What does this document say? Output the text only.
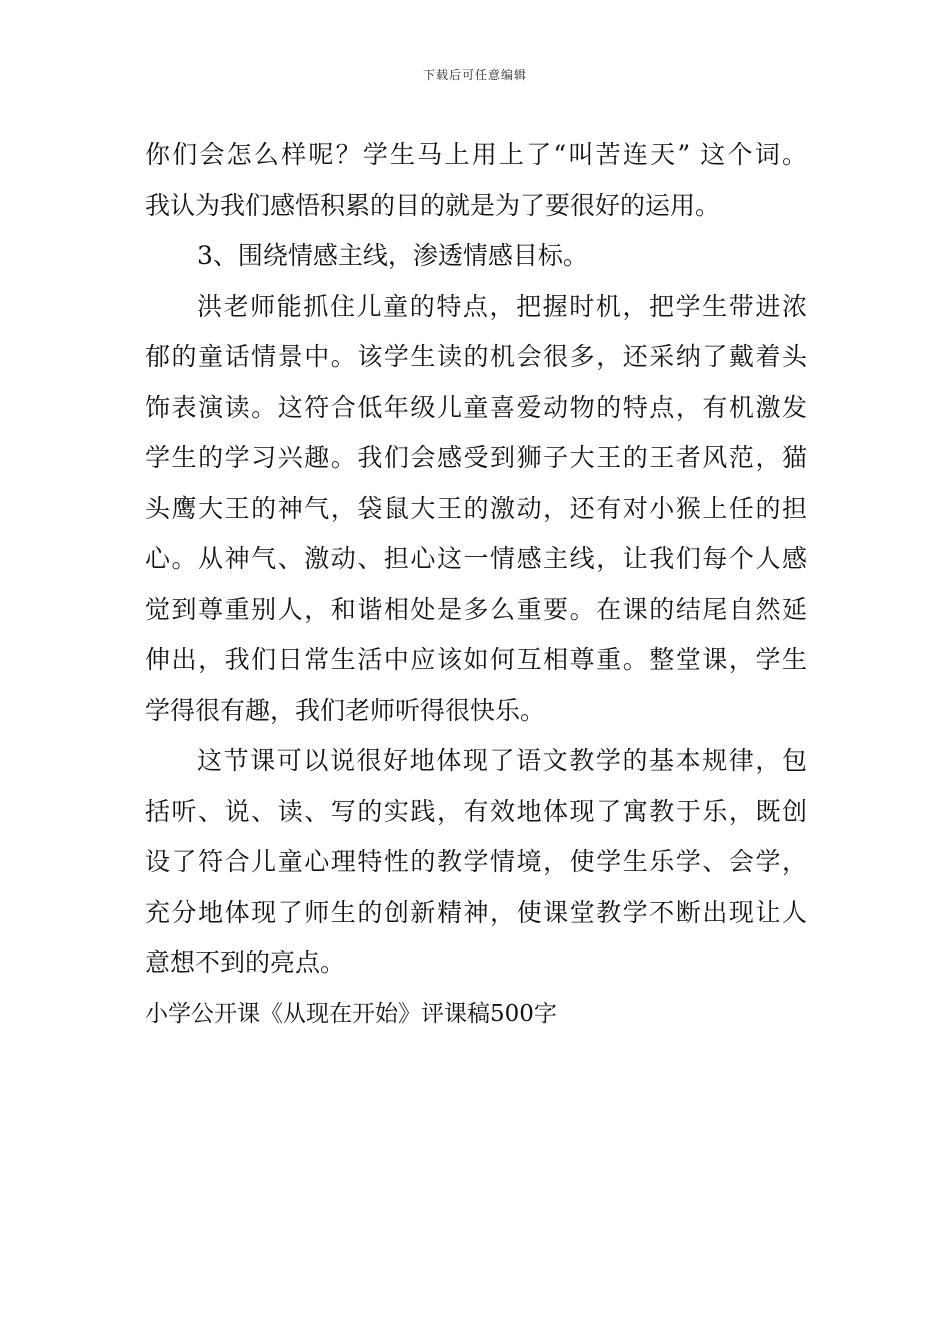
下载后可任意编辑
你们会怎么样呢？学生马上用上了“叫苦连天” 这个词。
我认为我们感悟积累的目的就是为了要很好的运用。
3、围绕情感主线，渗透情感目标。
洪老师能抓住儿童的特点，把握时机，把学生带进浓
郁的童话情景中。该学生读的机会很多，还采纳了戴着头
饰表演读。这符合低年级儿童喜爱动物的特点，有机激发
学生的学习兴趣。我们会感受到狮子大王的王者风范，猫
头鹰大王的神气，袋鼠大王的激动，还有对小猴上任的担
心。从神气、激动、担心这一情感主线，让我们每个人感
觉到尊重别人，和谐相处是多么重要。在课的结尾自然延
伸出，我们日常生活中应该如何互相尊重。整堂课，学生
学得很有趣，我们老师听得很快乐。
这节课可以说很好地体现了语文教学的基本规律，包
括听、说、读、写的实践，有效地体现了寓教于乐，既创
设了符合儿童心理特性的教学情境，使学生乐学、会学，
充分地体现了师生的创新精神，使课堂教学不断出现让人
意想不到的亮点。
小学公开课《从现在开始》评课稿500字
